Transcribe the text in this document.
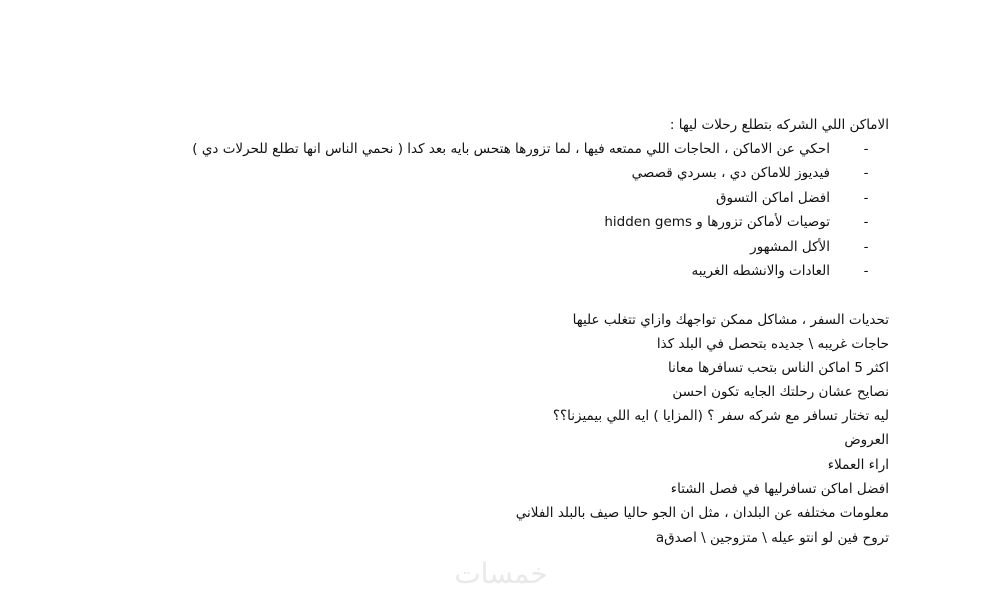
الاماكن اللي الشركه بتطلع رحلات ليها :
-
احكي عن الاماكن ، الحاجات اللي ممتعه فيها ، لما تزورها هتحس بايه بعد كدا ( نحمي الناس انها تطلع للحرلات دي )
-
فيديوز للاماكن دي ، بسردي قصصي
-
افضل اماكن التسوق
-
توصيات لأماكن تزورها و hidden gems
-
الأكل المشهور
-
العادات والانشطه الغريبه
تحديات السفر ، مشاكل ممكن تواجهك وازاي تتغلب عليها
حاجات غريبه \ جديده بتحصل في البلد كذا
اكثر 5 اماكن الناس بتحب تسافرها معانا
نصايح عشان رحلتك الجايه تكون احسن
ليه تختار تسافر مع شركه سفر ؟ (المزايا ) ايه اللي بيميزنا؟؟
العروض
اراء العملاء
افضل اماكن تسافرليها في فصل الشتاء
معلومات مختلفه عن البلدان ، مثل ان الجو حاليا صيف بالبلد الفلاني
تروح فين لو انتو عيله \ متزوجين \ اصدقa
خمسات
